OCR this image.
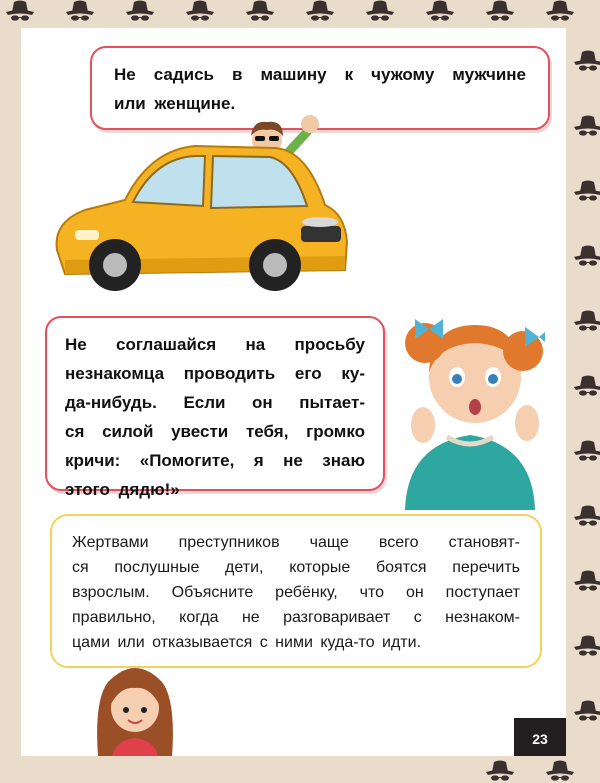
Не садись в машину к чужому мужчине
или женщине.
Не соглашайся на просьбу
незнакомца проводить его ку-
да-нибудь. Если он пытает-
ся силой увести тебя, громко
кричи: «Помогите, я не знаю
этого дядю!»
Жертвами преступников чаще всего становят-
ся послушные дети, которые боятся перечить
взрослым. Объясните ребёнку, что он поступает
правильно, когда не разговаривает с незнаком-
цами или отказывается с ними куда-то идти.
23
